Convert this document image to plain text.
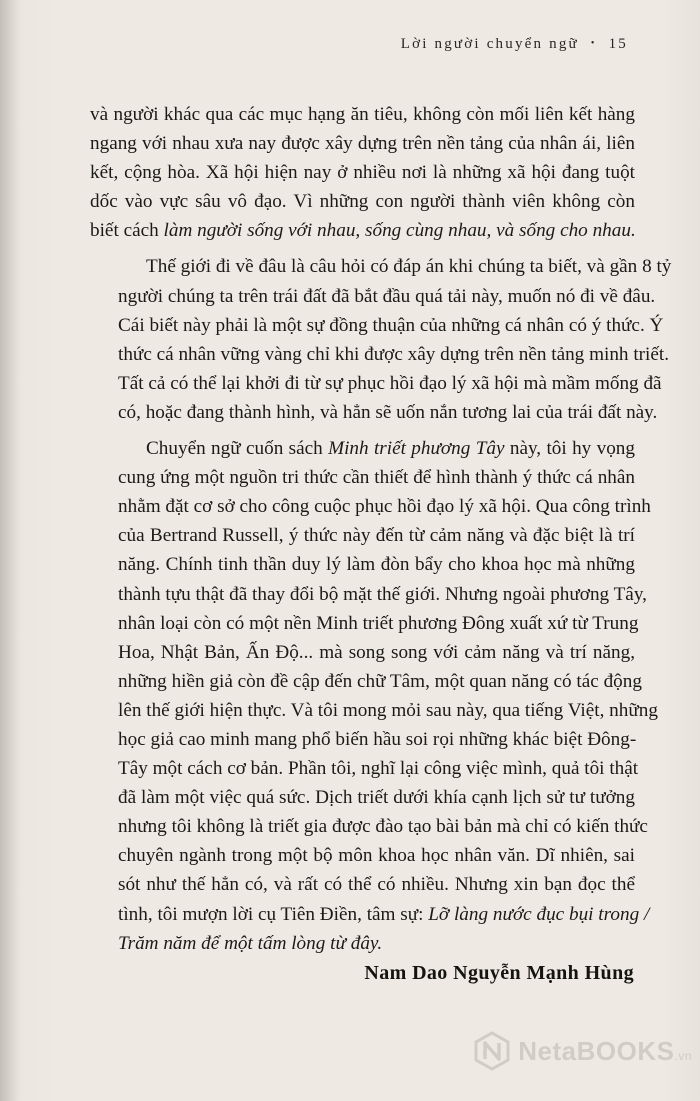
Lời người chuyển ngữ • 15

và người khác qua các mục hạng ăn tiêu, không còn mối liên kết hàng
ngang với nhau xưa nay được xây dựng trên nền tảng của nhân ái, liên
kết, cộng hòa. Xã hội hiện nay ở nhiều nơi là những xã hội đang tuột
dốc vào vực sâu vô đạo. Vì những con người thành viên không còn
biết cách làm người sống với nhau, sống cùng nhau, và sống cho nhau.

Thế giới đi về đâu là câu hỏi có đáp án khi chúng ta biết, và gần 8 tỷ
người chúng ta trên trái đất đã bắt đầu quá tải này, muốn nó đi về đâu.
Cái biết này phải là một sự đồng thuận của những cá nhân có ý thức. Ý
thức cá nhân vững vàng chỉ khi được xây dựng trên nền tảng minh triết.
Tất cả có thể lại khởi đi từ sự phục hồi đạo lý xã hội mà mầm mống đã
có, hoặc đang thành hình, và hẳn sẽ uốn nắn tương lai của trái đất này.

Chuyển ngữ cuốn sách Minh triết phương Tây này, tôi hy vọng
cung ứng một nguồn tri thức cần thiết để hình thành ý thức cá nhân
nhằm đặt cơ sở cho công cuộc phục hồi đạo lý xã hội. Qua công trình
của Bertrand Russell, ý thức này đến từ cảm năng và đặc biệt là trí
năng. Chính tinh thần duy lý làm đòn bẩy cho khoa học mà những
thành tựu thật đã thay đổi bộ mặt thế giới. Nhưng ngoài phương Tây,
nhân loại còn có một nền Minh triết phương Đông xuất xứ từ Trung
Hoa, Nhật Bản, Ấn Độ... mà song song với cảm năng và trí năng,
những hiền giả còn đề cập đến chữ Tâm, một quan năng có tác động
lên thế giới hiện thực. Và tôi mong mỏi sau này, qua tiếng Việt, những
học giả cao minh mang phổ biến hầu soi rọi những khác biệt Đông-
Tây một cách cơ bản. Phần tôi, nghĩ lại công việc mình, quả tôi thật
đã làm một việc quá sức. Dịch triết dưới khía cạnh lịch sử tư tưởng
nhưng tôi không là triết gia được đào tạo bài bản mà chỉ có kiến thức
chuyên ngành trong một bộ môn khoa học nhân văn. Dĩ nhiên, sai
sót như thế hẳn có, và rất có thể có nhiều. Nhưng xin bạn đọc thể
tình, tôi mượn lời cụ Tiên Điền, tâm sự: Lỡ làng nước đục bụi trong /
Trăm năm để một tấm lòng từ đây.

Nam Dao Nguyễn Mạnh Hùng
NetaBOOKS.vn
